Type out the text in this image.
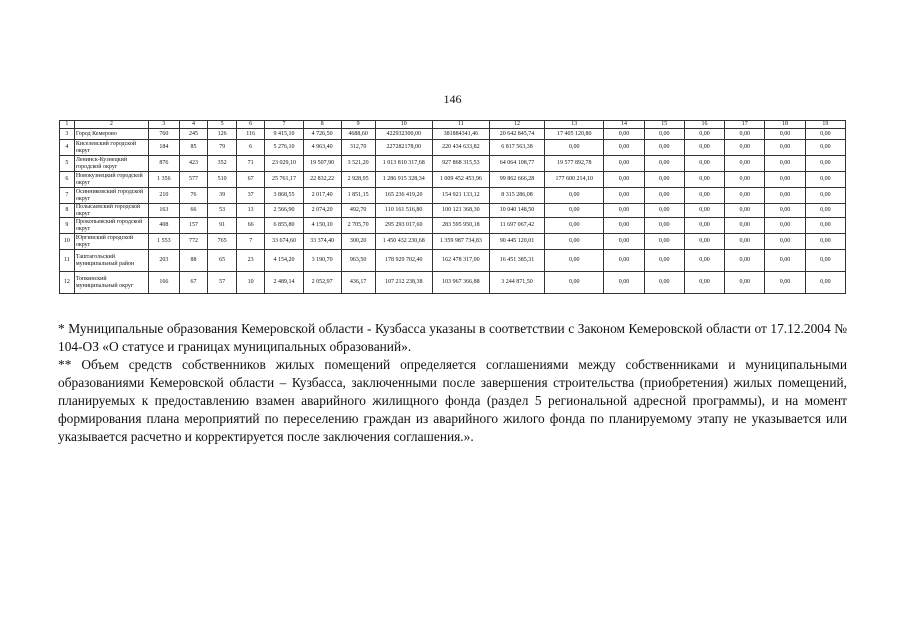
146
1	2	3	4	5	6	7	8	9	10	11	12	13	14	15	16	17	18	19
3	Город Кемерово	760	245	126	116	9 415,10	4 726,50	4688,60	422932300,00	381884341,46	20 642 845,74	17 405 120,80	0,00	0,00	0,00	0,00	0,00	0,00
4	Киселевский городской округ	184	85	79	6	5 276,10	4 963,40	312,70	227282178,00	220 434 633,82	6 817 563,38	0,00	0,00	0,00	0,00	0,00	0,00	0,00
5	Ленинск-Кузнецкий городской округ	876	423	352	71	23 029,10	19 507,90	3 521,20	1 013 810 317,68	927 868 315,53	64 064 108,77	19 577 892,78	0,00	0,00	0,00	0,00	0,00	0,00
6	Новокузнецкий городской округ	1 356	577	510	67	25 761,17	22 832,22	2 928,95	1 286 915 328,34	1 009 452 453,96	99 862 666,28	177 600 214,10	0,00	0,00	0,00	0,00	0,00	0,00
7	Осинниковский городской округ	210	76	39	37	3 868,55	2 017,40	1 851,15	165 236 419,20	154 921 133,12	8 315 286,08	0,00	0,00	0,00	0,00	0,00	0,00	0,00
8	Полысаевский городской округ	163	66	53	13	2 566,90	2 074,20	492,70	110 161 516,80	100 121 368,30	10 040 148,50	0,00	0,00	0,00	0,00	0,00	0,00	0,00
9	Прокопьевский городской округ	408	157	91	66	6 855,80	4 150,10	2 705,70	295 293 017,60	283 595 950,18	11 697 067,42	0,00	0,00	0,00	0,00	0,00	0,00	0,00
10	Юргинский городской округ	1 553	772	765	7	33 674,60	33 374,40	300,20	1 450 432 230,68	1 359 987 734,83	90 445 120,01	0,00	0,00	0,00	0,00	0,00	0,00	0,00
11	Таштагольский муниципальный район	203	88	65	23	4 154,20	3 190,70	963,50	178 929 702,40	162 478 317,00	16 451 385,31	0,00	0,00	0,00	0,00	0,00	0,00	0,00
12	Топкинский муниципальный округ	166	67	57	10	2 489,14	2 052,97	436,17	107 212 238,38	103 967 366,88	3 244 871,50	0,00	0,00	0,00	0,00	0,00	0,00	0,00

* Муниципальные образования Кемеровской области - Кузбасса указаны в соответствии с Законом Кемеровской области от 17.12.2004 № 104-ОЗ «О статусе и границах муниципальных образований».

** Объем средств собственников жилых помещений определяется соглашениями между собственниками и муниципальными образованиями Кемеровской области – Кузбасса, заключенными после завершения строительства (приобретения) жилых помещений, планируемых к предоставлению взамен аварийного жилищного фонда (раздел 5 региональной адресной программы), и на момент формирования плана мероприятий по переселению граждан из аварийного жилого фонда по планируемому этапу не указывается или указывается расчетно и корректируется после заключения соглашения.».
